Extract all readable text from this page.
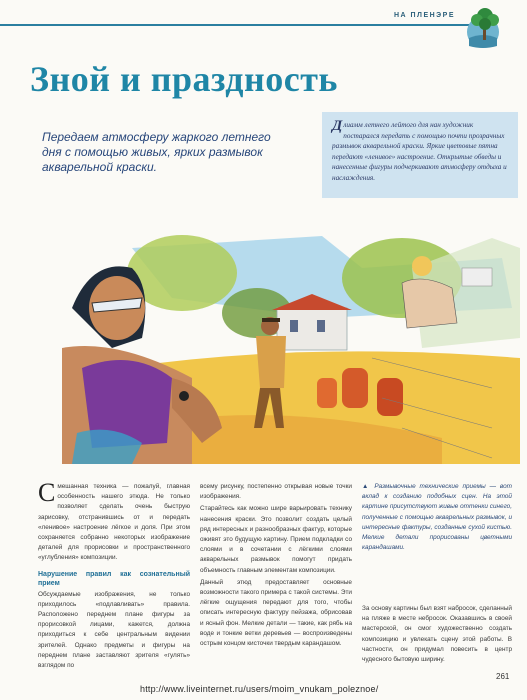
НА ПЛЕНЭРЕ
Зной и праздность
Передаем атмосферу жаркого летнего дня с помощью живых, ярких размывок акварельной краски.
Д лиамм летнего лейтого для нан художник постарался передать с помощью почти прозрачных размывок акварельной краски. Яркие цветовые пятна передают «ленивое» настроение. Открытые обведы и нанесенные фигуры подчеркивают атмосферу отдыха и наслаждения.
С мешанная техника — пожалуй, главная особенность нашего этюда. Не только позволяет сделать очень быструю зарисовку, отстранившись от и передать «ленивое» настроение лёгкое и доля. При этом сохраняется собранно некоторых изображение деталей для прорисовки и пространственного «углубления» композиции.

Нарушение правил как сознательный прием

Обсуждаемые изображения, не только приходилось «подлавливать» правила. Расположено переднем плане фигуры за прорисовкой лицами, кажется, должна приходиться к себе центральным видении зрителей. Однако предметы и фигуры на переднем плане заставляют зрителя «гулять» взглядом по

всему рисунку, постепенно открывая новые точки изображения.

Старайтесь как можно шире варьировать технику нанесения краски. Это позволит создать целый ряд интересных и разнообразных фактур, которые оживят это будущую картину. Прием подкладки со слоями и в сочетании с лёгкими слоями акварельных размывок помогут придать объемность главным элементам композиции.

Данный этюд предоставляет основные возможности такого примера с такой системы. Эти лёгкие ощущения передают для того, чтобы описать интересную фактуру пейзажа, обрисовав и ясный фон. Мелкие детали — такие, как рябь на воде и тонкие ветки деревьев — воспроизведены острым концом кисточки твердым карандашом.

▲ Размывочные технические приемы — вот вклад к созданию подобных сцен. На этой картине присутствуют живые оттенки синего, полученные с помощью акварельных размывок, и интересные фактуры, созданные сухой кистью. Мелкие детали прорисованы цветными карандашами.

За основу картины был взят набросок, сделанный на пляже в месте небросок. Оказавшись в своей мастерской, он смог художественно создать композицию и увлекать сцену этой работы. В частности, он придумал повесить в центр чудесного бытовую ширину.

261
http://www.liveinternet.ru/users/moim_vnukam_poleznoe/
